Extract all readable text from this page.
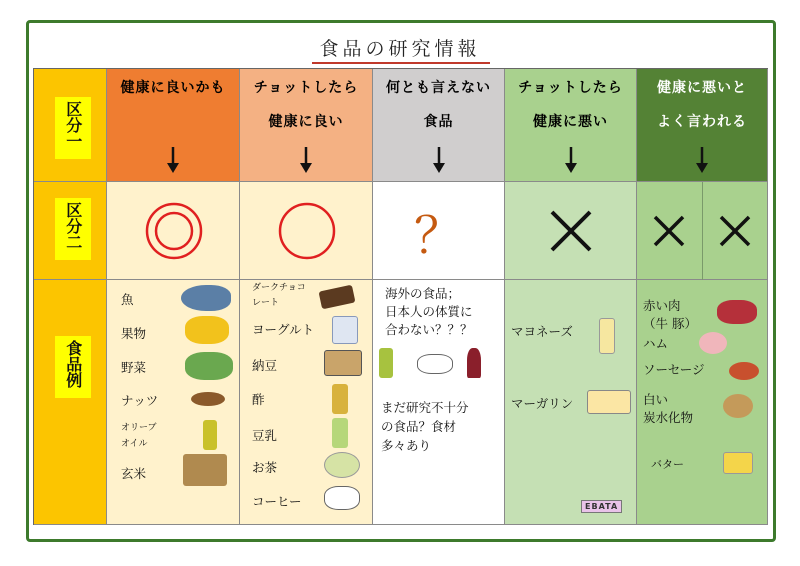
食品の研究情報
区分一
区分二
食品例
健康に良いかも	チョットしたら
健康に良い
何とも言えない
食品
チョットしたら
健康に悪い
健康に悪いと
よく言われる
？
魚
果物
野菜
ナッツ
オリーブ
オイル
玄米
ダークチョコ
レート
ヨーグルト
納豆
酢
豆乳
お茶
コーヒー
海外の食品；
日本人の体質に
合わない？？？
まだ研究不十分
の食品？食材
多々あり
マヨネーズ
マーガリン
EBATA
赤い肉
（牛 豚）
ハム
ソーセージ
白い
炭水化物
バター
